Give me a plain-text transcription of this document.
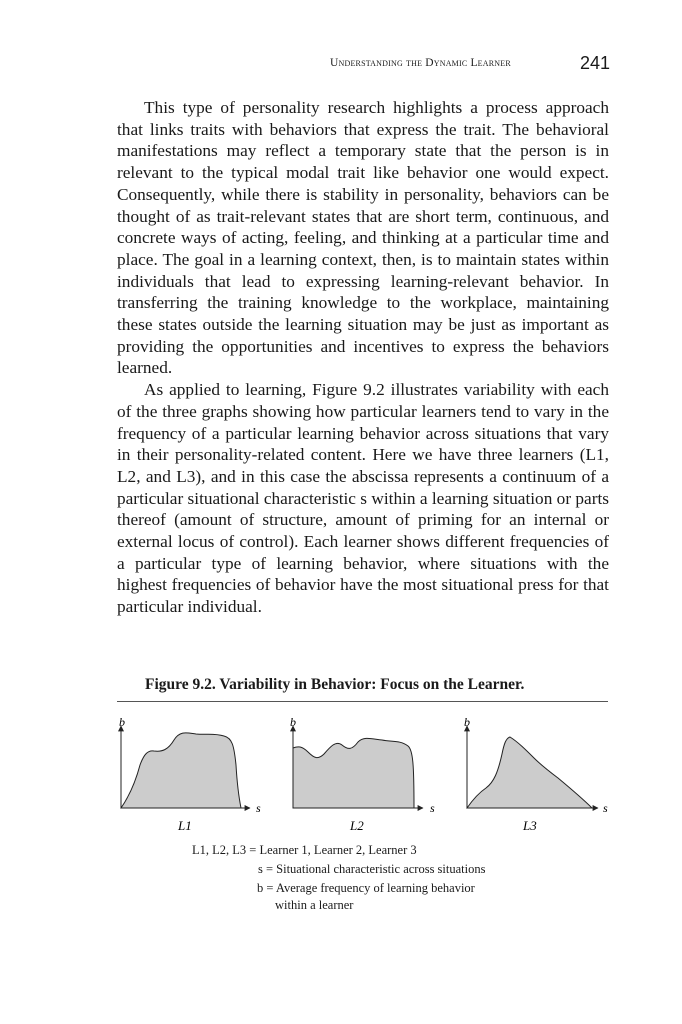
Understanding the Dynamic Learner	241

This type of personality research highlights a process approach that links traits with behaviors that express the trait. The behavioral manifestations may reflect a temporary state that the person is in relevant to the typical modal trait like behavior one would expect. Consequently, while there is stability in personality, behaviors can be thought of as trait-relevant states that are short term, continuous, and concrete ways of acting, feeling, and thinking at a particular time and place. The goal in a learning context, then, is to maintain states within individuals that lead to expressing learning-relevant behavior. In transferring the training knowledge to the workplace, maintaining these states outside the learning situation may be just as important as providing the opportunities and incentives to express the behaviors learned.

As applied to learning, Figure 9.2 illustrates variability with each of the three graphs showing how particular learners tend to vary in the frequency of a particular learning behavior across situations that vary in their personality-related content. Here we have three learners (L1, L2, and L3), and in this case the abscissa represents a continuum of a particular situational characteristic s within a learning situation or parts thereof (amount of structure, amount of priming for an internal or external locus of control). Each learner shows different frequencies of a particular type of learning behavior, where situations with the highest frequencies of behavior have the most situational press for that particular individual.

Figure 9.2. Variability in Behavior: Focus on the Learner.
b
s
b
s
b
s
L1	L2	L3
L1, L2, L3 = Learner 1, Learner 2, Learner 3
s = Situational characteristic across situations
b = Average frequency of learning behavior
within a learner
